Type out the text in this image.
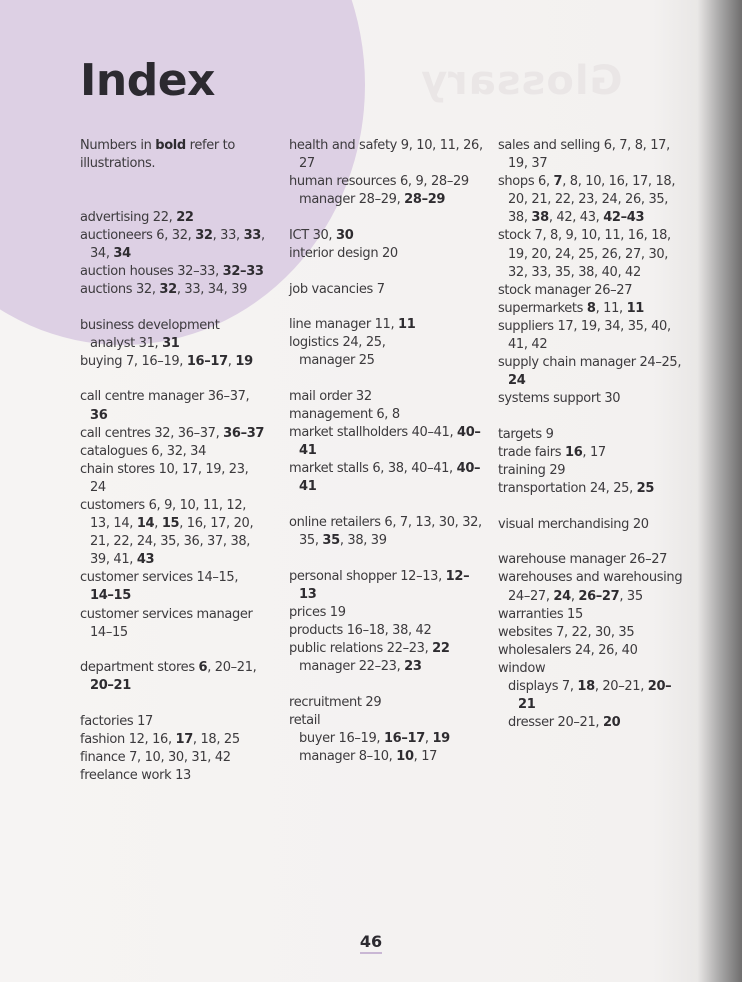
Glossary
Index
Numbers in bold refer to illustrations.
advertising 22, 22
auctioneers 6, 32, 32, 33, 33, 34, 34
auction houses 32–33, 32–33
auctions 32, 32, 33, 34, 39
business development analyst 31, 31
buying 7, 16–19, 16–17, 19
call centre manager 36–37, 36
call centres 32, 36–37, 36–37
catalogues 6, 32, 34
chain stores 10, 17, 19, 23, 24
customers 6, 9, 10, 11, 12, 13, 14, 14, 15, 16, 17, 20, 21, 22, 24, 35, 36, 37, 38, 39, 41, 43
customer services 14–15, 14–15
customer services manager 14–15
department stores 6, 20–21, 20–21
factories 17
fashion 12, 16, 17, 18, 25
finance 7, 10, 30, 31, 42
freelance work 13
health and safety 9, 10, 11, 26, 27
human resources 6, 9, 28–29
manager 28–29, 28–29
ICT 30, 30
interior design 20
job vacancies 7
line manager 11, 11
logistics 24, 25,
manager 25
mail order 32
management 6, 8
market stallholders 40–41, 40–41
market stalls 6, 38, 40–41, 40–41
online retailers 6, 7, 13, 30, 32, 35, 35, 38, 39
personal shopper 12–13, 12–13
prices 19
products 16–18, 38, 42
public relations 22–23, 22
manager 22–23, 23
recruitment 29
retail
buyer 16–19, 16–17, 19
manager 8–10, 10, 17
sales and selling 6, 7, 8, 17, 19, 37
shops 6, 7, 8, 10, 16, 17, 18, 20, 21, 22, 23, 24, 26, 35, 38, 38, 42, 43, 42–43
stock 7, 8, 9, 10, 11, 16, 18, 19, 20, 24, 25, 26, 27, 30, 32, 33, 35, 38, 40, 42
stock manager 26–27
supermarkets 8, 11, 11
suppliers 17, 19, 34, 35, 40, 41, 42
supply chain manager 24–25, 24
systems support 30
targets 9
trade fairs 16, 17
training 29
transportation 24, 25, 25
visual merchandising 20
warehouse manager 26–27
warehouses and warehousing 24–27, 24, 26–27, 35
warranties 15
websites 7, 22, 30, 35
wholesalers 24, 26, 40
window
displays 7, 18, 20–21, 20–21
dresser 20–21, 20

46
